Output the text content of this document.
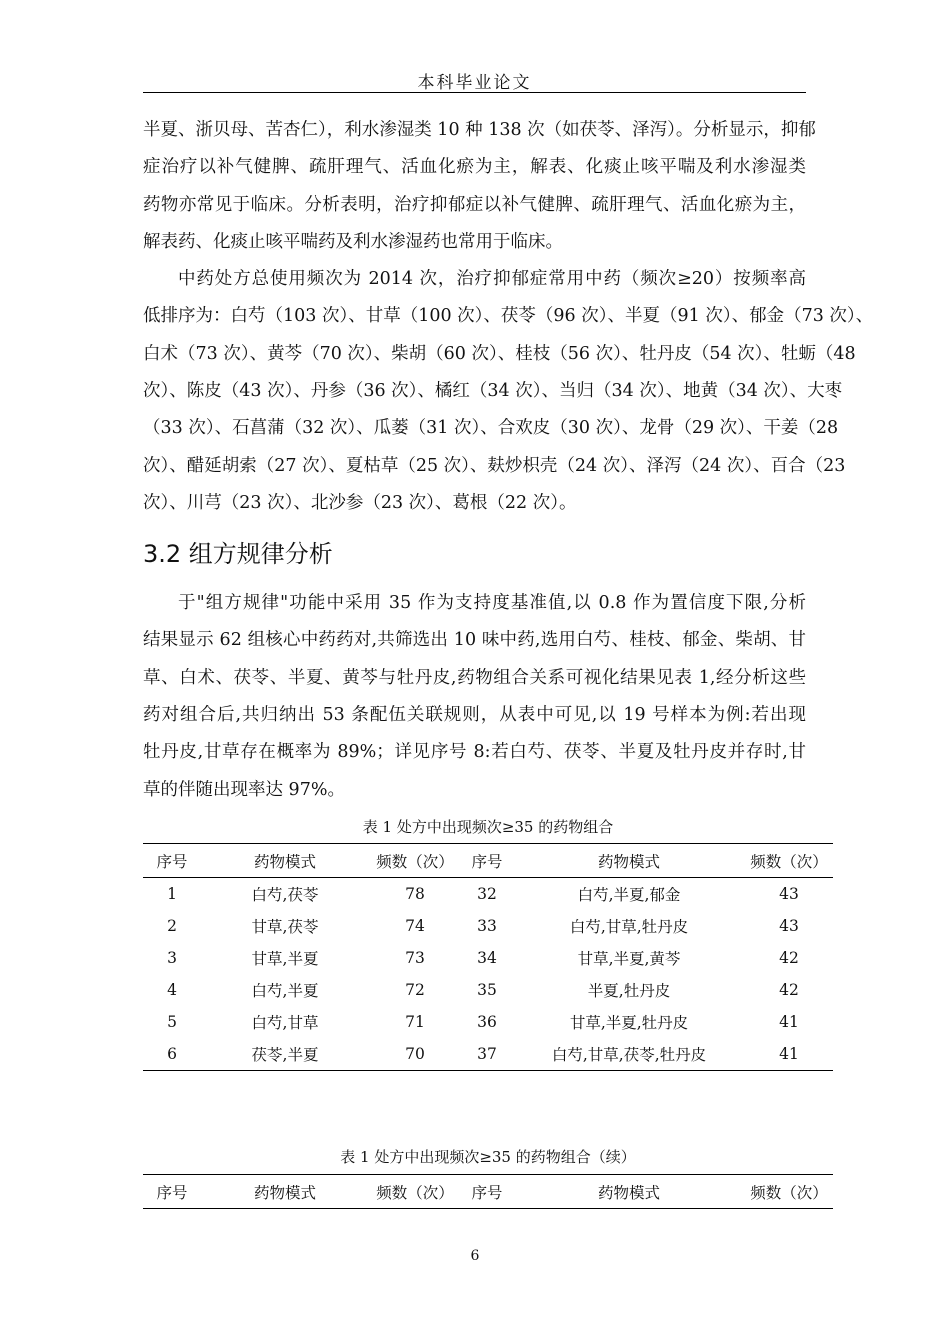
本科毕业论文
半夏、浙贝母、苦杏仁），利水渗湿类 10 种 138 次（如茯苓、泽泻）。分析显示，抑郁
症治疗以补气健脾、疏肝理气、活血化瘀为主，解表、化痰止咳平喘及利水渗湿类
药物亦常见于临床。分析表明，治疗抑郁症以补气健脾、疏肝理气、活血化瘀为主，
解表药、化痰止咳平喘药及利水渗湿药也常用于临床。
中药处方总使用频次为 2014 次，治疗抑郁症常用中药（频次≥20）按频率高
低排序为：白芍（103 次）、甘草（100 次）、茯苓（96 次）、半夏（91 次）、郁金（73 次）、
白术（73 次）、黄芩（70 次）、柴胡（60 次）、桂枝（56 次）、牡丹皮（54 次）、牡蛎（48
次）、陈皮（43 次）、丹参（36 次）、橘红（34 次）、当归（34 次）、地黄（34 次）、大枣
（33 次）、石菖蒲（32 次）、瓜蒌（31 次）、合欢皮（30 次）、龙骨（29 次）、干姜（28
次）、醋延胡索（27 次）、夏枯草（25 次）、麸炒枳壳（24 次）、泽泻（24 次）、百合（23
次）、川芎（23 次）、北沙参（23 次）、葛根（22 次）。
于"组方规律"功能中采用 35 作为支持度基准值,以 0.8 作为置信度下限,分析
结果显示 62 组核心中药药对,共筛选出 10 味中药,选用白芍、桂枝、郁金、柴胡、甘
草、白术、茯苓、半夏、黄芩与牡丹皮,药物组合关系可视化结果见表 1,经分析这些
药对组合后,共归纳出 53 条配伍关联规则，从表中可见,以 19 号样本为例:若出现
牡丹皮,甘草存在概率为 89%；详见序号 8:若白芍、茯苓、半夏及牡丹皮并存时,甘
草的伴随出现率达 97%。
3.2 组方规律分析
表 1 处方中出现频次≥35 的药物组合
序号	药物模式	频数（次）	序号	药物模式	频数（次）
1	白芍,茯苓	78	32	白芍,半夏,郁金	43
2	甘草,茯苓	74	33	白芍,甘草,牡丹皮	43
3	甘草,半夏	73	34	甘草,半夏,黄芩	42
4	白芍,半夏	72	35	半夏,牡丹皮	42
5	白芍,甘草	71	36	甘草,半夏,牡丹皮	41
6	茯苓,半夏	70	37	白芍,甘草,茯苓,牡丹皮	41
表 1 处方中出现频次≥35 的药物组合（续）
序号	药物模式	频数（次）	序号	药物模式	频数（次）
6
